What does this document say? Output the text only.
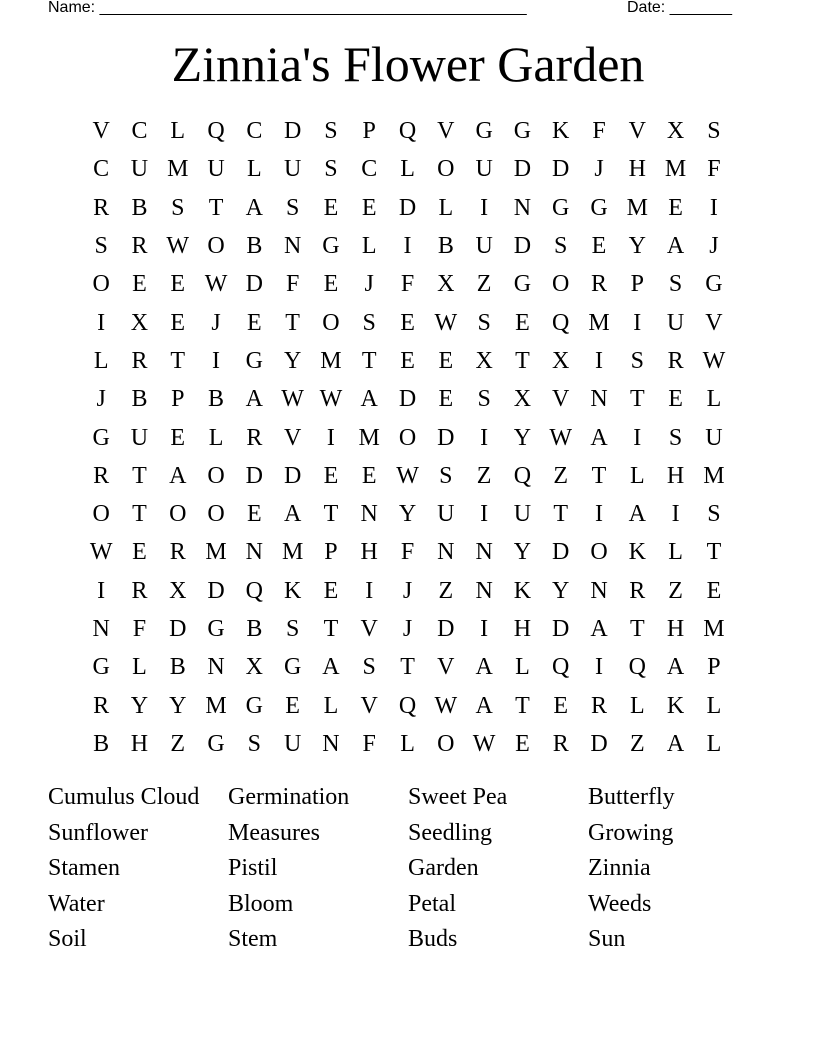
Name: ________________________________________________

	Date: _______

Zinnia's Flower Garden
V C L Q C D S	P Q V G G K F V X S
C U M U L U S C L O U D D	J	H M F
R B S	T A S	E E D L	I	N G G M E	I
S R W O B N G L	I	B U D S	E Y A	J
O E E W D F	E	J	F X Z G O R P	S G
I	X E	J	E T O S	E W S	E Q M I	U V
L R T	I	G Y M T E E X T X	I	S R W
J	B P B A W W A D E	S X V N T E L
G U E L R V	I M O D	I	Y W A	I	S U
R T A O D D E E W S	Z Q Z T L H M
O T O O E A T N Y U	I	U T	I	A	I	S
W E R M N M P H F N N Y D O K L T
I	R X D Q K E	I	J	Z N K Y N R Z E
N F D G B S	T V	J	D	I	H D A T H M
G L B N X G A S	T V A L Q	I	Q A P
R Y Y M G E L V Q W A T E R L K L
B H Z G S U N F	L O W E R D Z A L
Cumulus Cloud	Germination	Sweet Pea	Butterfly
Sunflower	Measures	Seedling	Growing
Stamen	Pistil	Garden	Zinnia
Water	Bloom	Petal	Weeds
Soil	Stem	Buds	Sun
